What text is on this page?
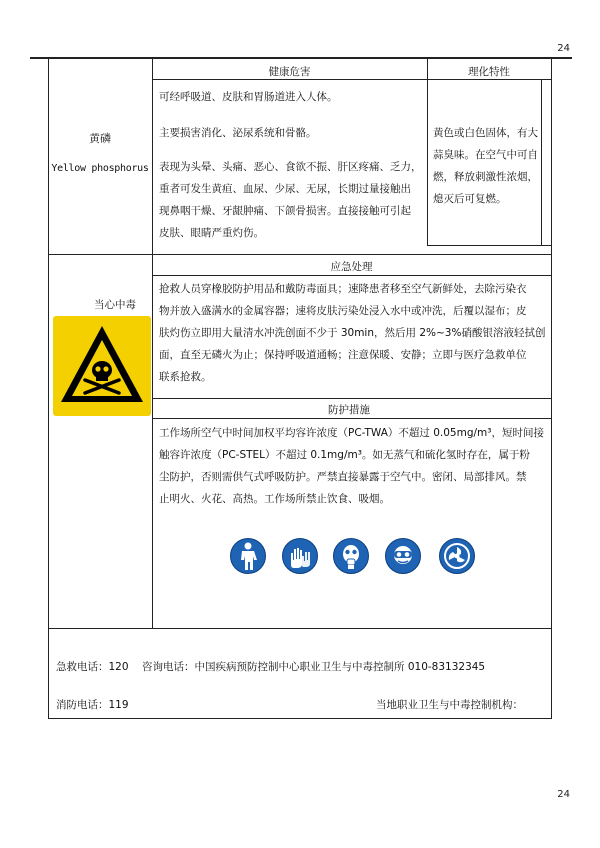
24
24
黄磷
Yellow phosphorus
健康危害
可经呼吸道、皮肤和胃肠道进入人体。
主要损害消化、泌尿系统和骨骼。
表现为头晕、头痛、恶心、食欲不振、肝区疼痛、乏力，
重者可发生黄疸、血尿、少尿、无尿，长期过量接触出
现鼻咽干燥、牙龈肿痛、下颌骨损害。直接接触可引起
皮肤、眼睛严重灼伤。
理化特性
黄色或白色固体，有大
蒜臭味。在空气中可自
燃，释放刺激性浓烟，
熄灭后可复燃。
当心中毒
应急处理
抢救人员穿橡胶防护用品和戴防毒面具；速降患者移至空气新鲜处，去除污染衣
物并放入盛满水的金属容器；速将皮肤污染处浸入水中或冲洗，后覆以湿布；皮
肤灼伤立即用大量清水冲洗创面不少于 30min，然后用 2%~3%硝酸银溶液轻拭创
面，直至无磷火为止；保持呼吸道通畅；注意保暖、安静；立即与医疗急救单位
联系抢救。
防护措施
工作场所空气中时间加权平均容许浓度（PC-TWA）不超过 0.05mg/m³，短时间接
触容许浓度（PC-STEL）不超过 0.1mg/m³。如无蒸气和硫化氢时存在，属于粉
尘防护，否则需供气式呼吸防护。严禁直接暴露于空气中。密闭、局部排风。禁
止明火、火花、高热。工作场所禁止饮食、吸烟。
急救电话：120 咨询电话：中国疾病预防控制中心职业卫生与中毒控制所 010-83132345
消防电话：119	当地职业卫生与中毒控制机构：
